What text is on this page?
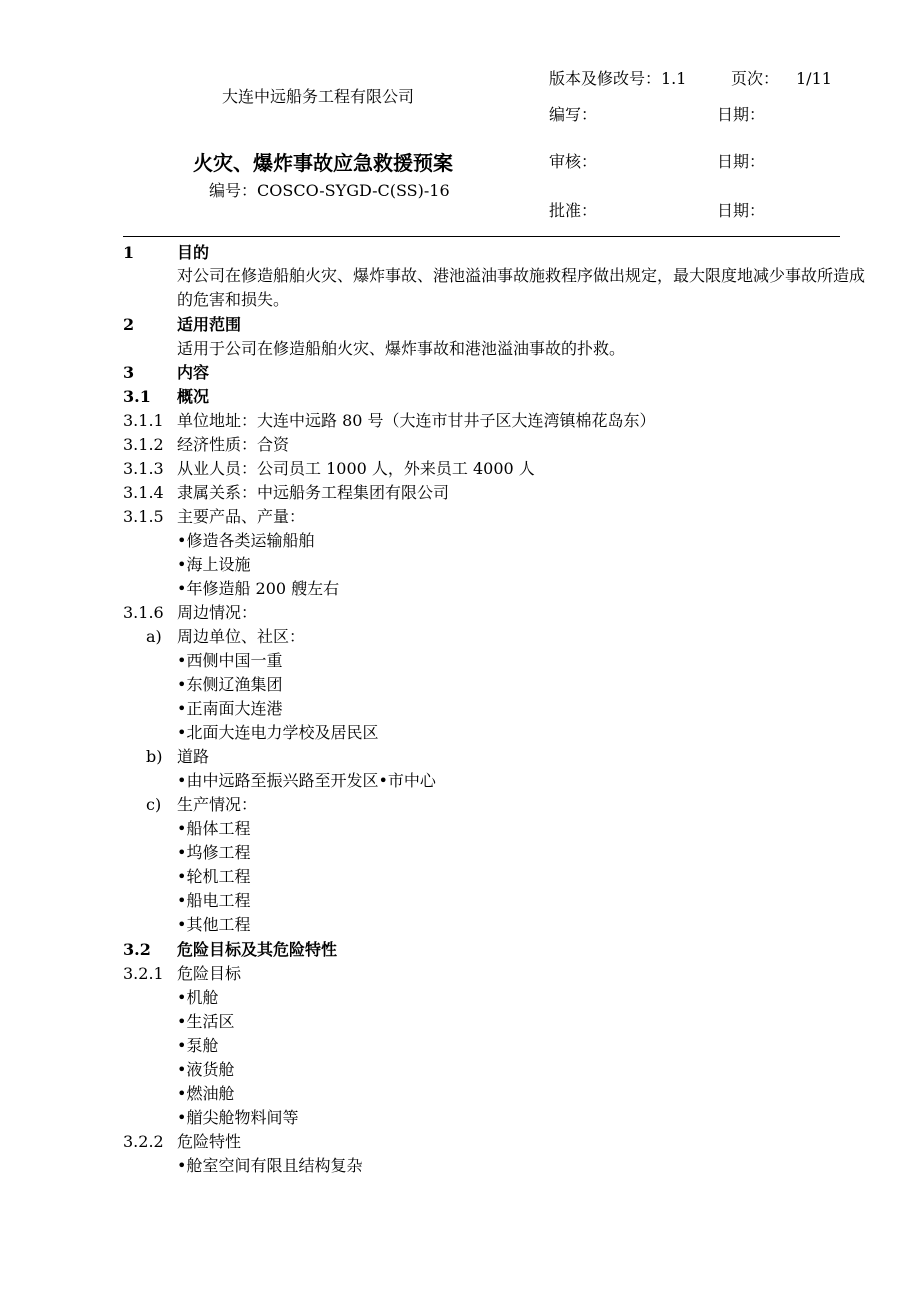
大连中远船务工程有限公司
火灾、爆炸事故应急救援预案
编号：COSCO-SYGD-C(SS)-16
版本及修改号：1.1	页次： 1/11
编写：	日期：
审核：	日期：
批准：	日期：
1	目的
对公司在修造船舶火灾、爆炸事故、港池溢油事故施救程序做出规定，最大限度地减少事故所造成的危害和损失。
2	适用范围
适用于公司在修造船舶火灾、爆炸事故和港池溢油事故的扑救。
3	内容
3.1 概况
3.1.1 单位地址：大连中远路 80 号（大连市甘井子区大连湾镇棉花岛东）
3.1.2 经济性质：合资
3.1.3 从业人员：公司员工 1000 人，外来员工 4000 人
3.1.4 隶属关系：中远船务工程集团有限公司
3.1.5 主要产品、产量：
•修造各类运输船舶
•海上设施
•年修造船 200 艘左右
3.1.6 周边情况：
a) 周边单位、社区：
•西侧中国一重
•东侧辽渔集团
•正南面大连港
•北面大连电力学校及居民区
b) 道路
•由中远路至振兴路至开发区•市中心
c) 生产情况：
•船体工程
•坞修工程
•轮机工程
•船电工程
•其他工程
3.2 危险目标及其危险特性
3.2.1 危险目标
•机舱
•生活区
•泵舱
•液货舱
•燃油舱
•艏尖舱物料间等
3.2.2 危险特性
•舱室空间有限且结构复杂
